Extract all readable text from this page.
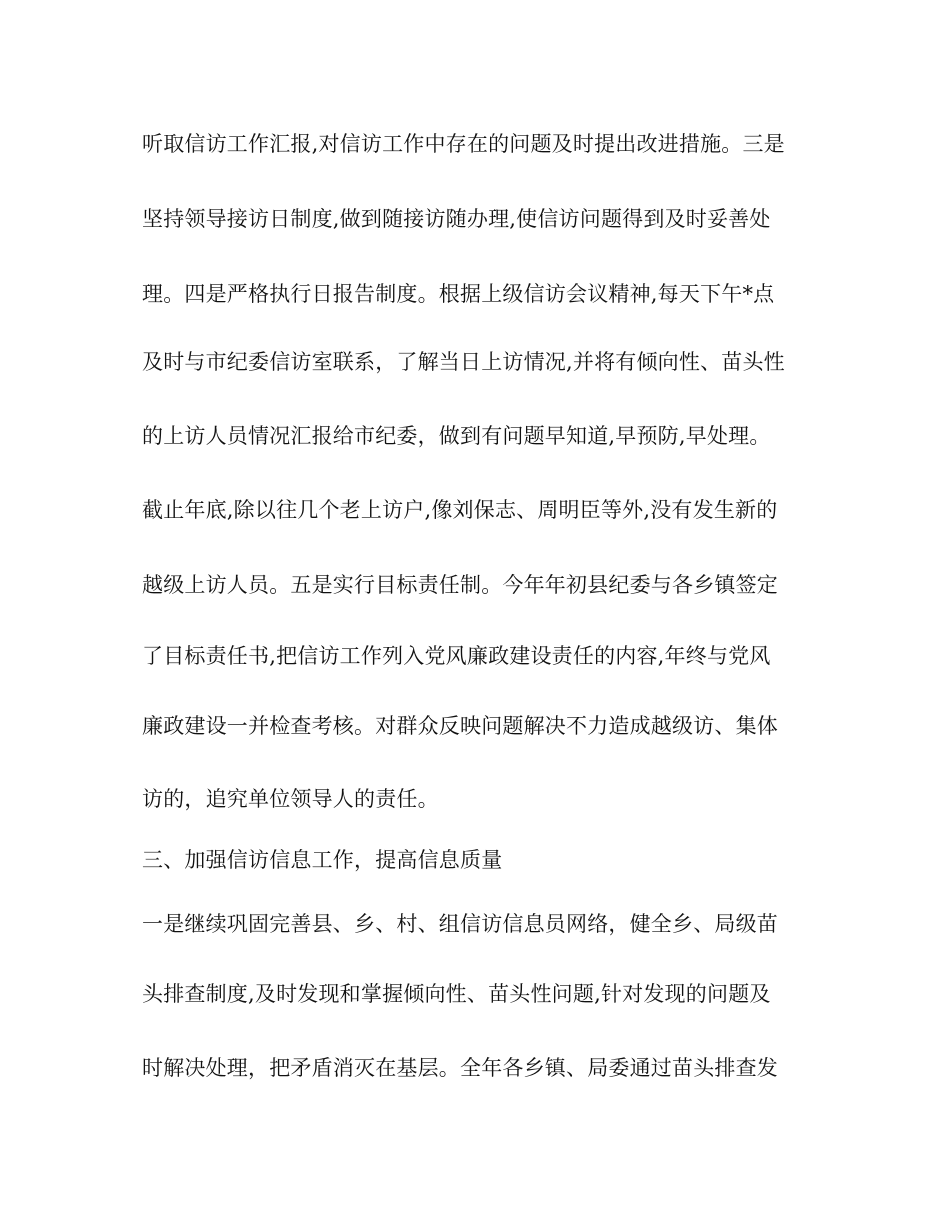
听取信访工作汇报,对信访工作中存在的问题及时提出改进措施。三是
坚持领导接访日制度,做到随接访随办理,使信访问题得到及时妥善处
理。四是严格执行日报告制度。根据上级信访会议精神,每天下午*点
及时与市纪委信访室联系，了解当日上访情况,并将有倾向性、苗头性
的上访人员情况汇报给市纪委，做到有问题早知道,早预防,早处理。
截止年底,除以往几个老上访户,像刘保志、周明臣等外,没有发生新的
越级上访人员。五是实行目标责任制。今年年初县纪委与各乡镇签定
了目标责任书,把信访工作列入党风廉政建设责任的内容,年终与党风
廉政建设一并检查考核。对群众反映问题解决不力造成越级访、集体
访的，追究单位领导人的责任。
三、加强信访信息工作，提高信息质量
一是继续巩固完善县、乡、村、组信访信息员网络，健全乡、局级苗
头排查制度,及时发现和掌握倾向性、苗头性问题,针对发现的问题及
时解决处理，把矛盾消灭在基层。全年各乡镇、局委通过苗头排查发
